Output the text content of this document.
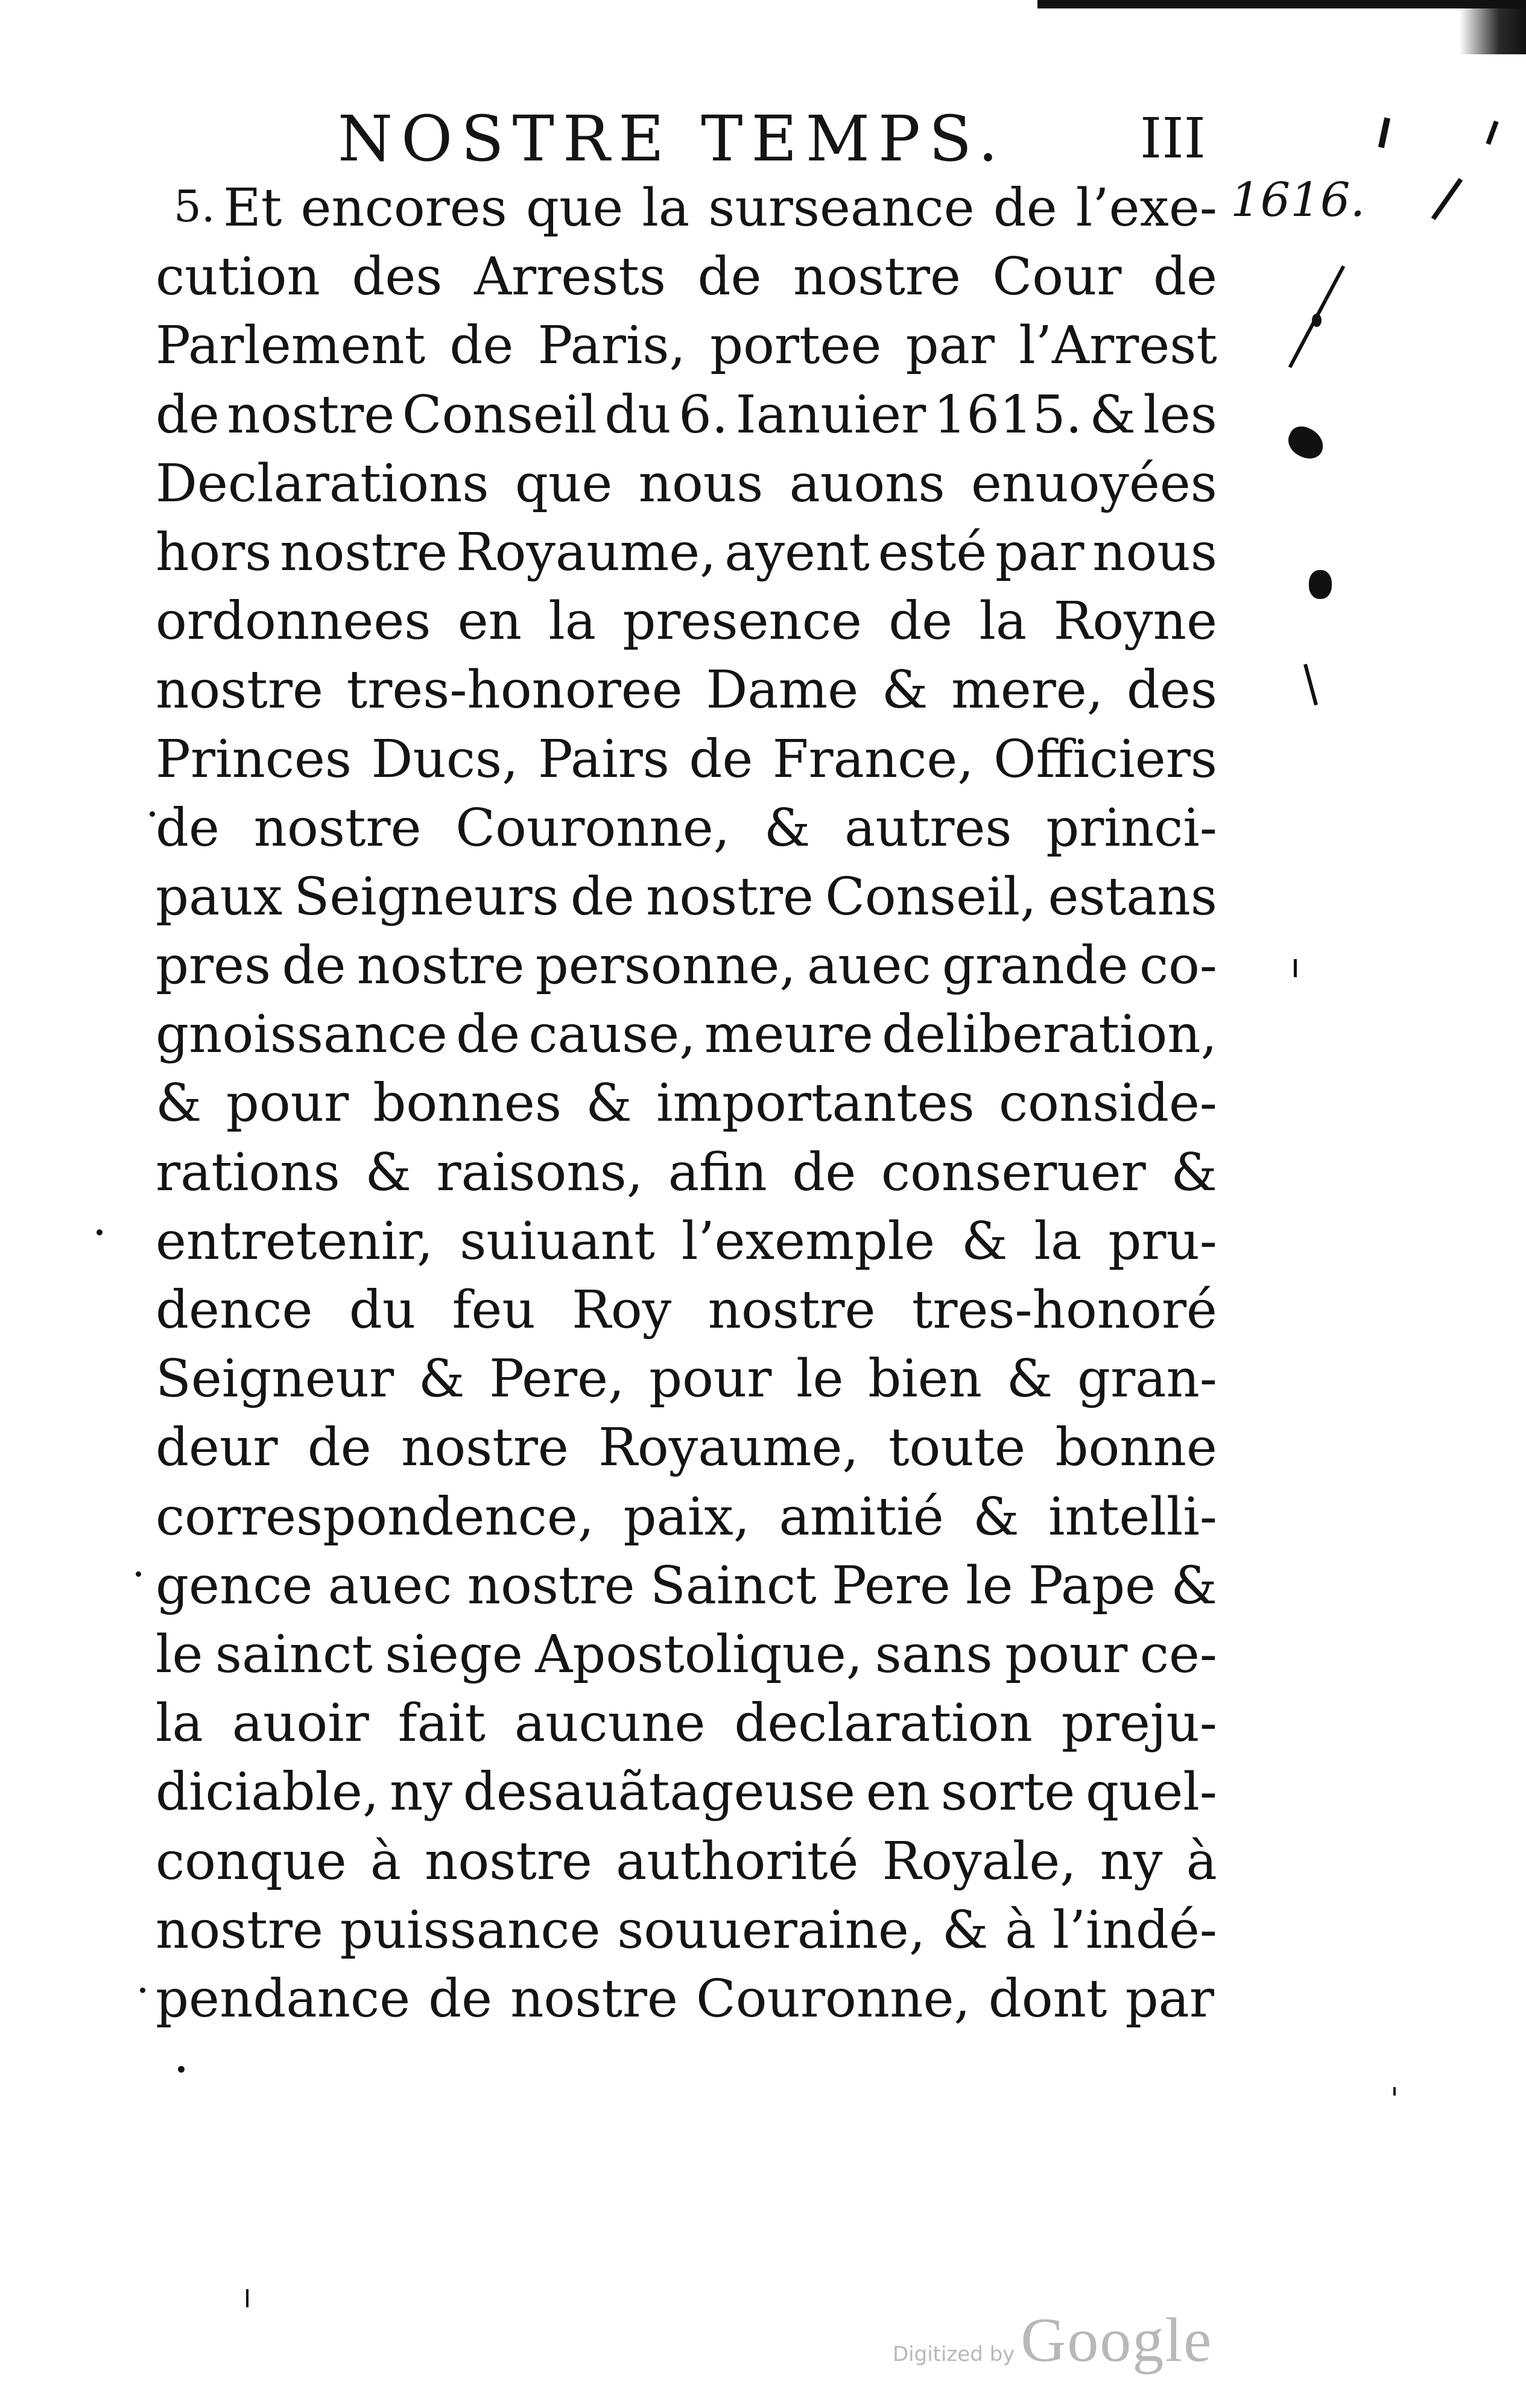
NOSTRE TEMPS. III
1616.
5. Et encores que la surseance de l’exe-
cution des Arrests de nostre Cour de
Parlement de Paris, portee par l’Arrest
de nostre Conseil du 6. Ianuier 1615. & les
Declarations que nous auons enuoyées
hors nostre Royaume, ayent esté par nous
ordonnees en la presence de la Royne
nostre tres-honoree Dame & mere, des
Princes Ducs, Pairs de France, Officiers
de nostre Couronne, & autres princi-
paux Seigneurs de nostre Conseil, estans
pres de nostre personne, auec grande co-
gnoissance de cause, meure deliberation,
& pour bonnes & importantes conside-
rations & raisons, afin de conseruer &
entretenir, suiuant l’exemple & la pru-
dence du feu Roy nostre tres-honoré
Seigneur & Pere, pour le bien & gran-
deur de nostre Royaume, toute bonne
correspondence, paix, amitié & intelli-
gence auec nostre Sainct Pere le Pape &
le sainct siege Apostolique, sans pour ce-
la auoir fait aucune declaration preju-
diciable, ny desauãtageuse en sorte quel-
conque à nostre authorité Royale, ny à
nostre puissance souueraine, & à l’indé-
pendance de nostre Couronne, dont par
Digitized by Google
